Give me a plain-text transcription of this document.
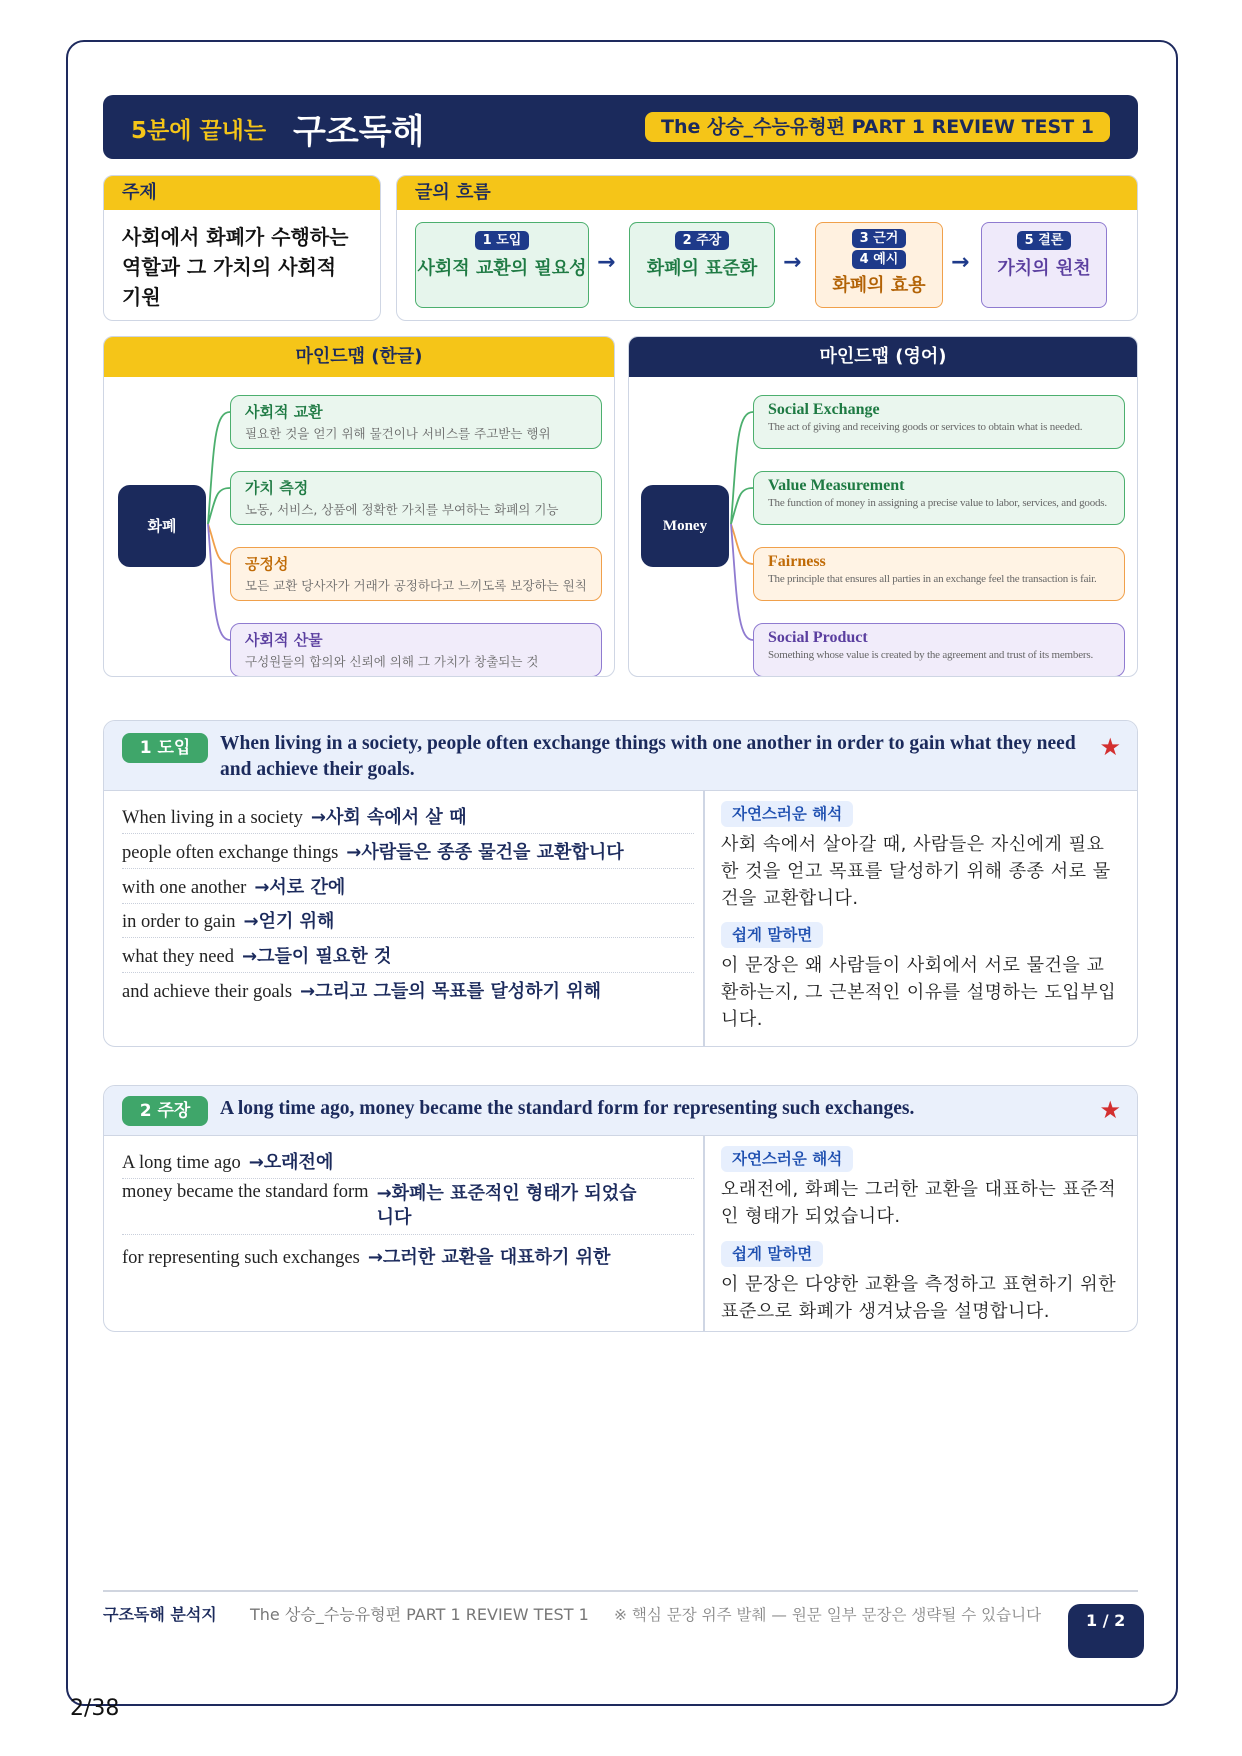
5분에 끝내는 구조독해	The 상승_수능유형편 PART 1 REVIEW TEST 1
주제
사회에서 화폐가 수행하는 역할과 그 가치의 사회적 기원
글의 흐름
1 도입
사회적 교환의 필요성 →
2 주장
화폐의 표준화	→
3 근거
4 예시
화폐의 효용
→
5 결론
가치의 원천
마인드맵 (한글)
화폐
사회적 교환
필요한 것을 얻기 위해 물건이나 서비스를 주고받는 행위
가치 측정
노동, 서비스, 상품에 정확한 가치를 부여하는 화폐의 기능
공정성
모든 교환 당사자가 거래가 공정하다고 느끼도록 보장하는 원칙
사회적 산물
구성원들의 합의와 신뢰에 의해 그 가치가 창출되는 것
마인드맵 (영어)
Money
Social Exchange
The act of giving and receiving goods or services to obtain what is needed.
Value Measurement
The function of money in assigning a precise value to labor, services, and goods.
Fairness
The principle that ensures all parties in an exchange feel the transaction is fair.
Social Product
Something whose value is created by the agreement and trust of its members.
1 도입	When living in a society, people often exchange things with one another in order to gain what they need and achieve their goals.
★
When living in a society →사회 속에서 살 때
people often exchange things →사람들은 종종 물건을 교환합니다
with one another →서로 간에
in order to gain →얻기 위해
what they need →그들이 필요한 것
and achieve their goals →그리고 그들의 목표를 달성하기 위해
자연스러운 해석
사회 속에서 살아갈 때, 사람들은 자신에게 필요한 것을 얻고 목표를 달성하기 위해 종종 서로 물건을 교환합니다.
쉽게 말하면
이 문장은 왜 사람들이 사회에서 서로 물건을 교환하는지, 그 근본적인 이유를 설명하는 도입부입니다.
2 주장	A long time ago, money became the standard form for representing such exchanges.	★
A long time ago →오래전에
money became the standard form →화폐는 표준적인 형태가 되었습니다
for representing such exchanges →그러한 교환을 대표하기 위한
자연스러운 해석
오래전에, 화폐는 그러한 교환을 대표하는 표준적인 형태가 되었습니다.
쉽게 말하면
이 문장은 다양한 교환을 측정하고 표현하기 위한 표준으로 화폐가 생겨났음을 설명합니다.
구조독해 분석지	The 상승_수능유형편 PART 1 REVIEW TEST 1 ※ 핵심 문장 위주 발췌 — 원문 일부 문장은 생략될 수 있습니다	1 / 2
2/38
